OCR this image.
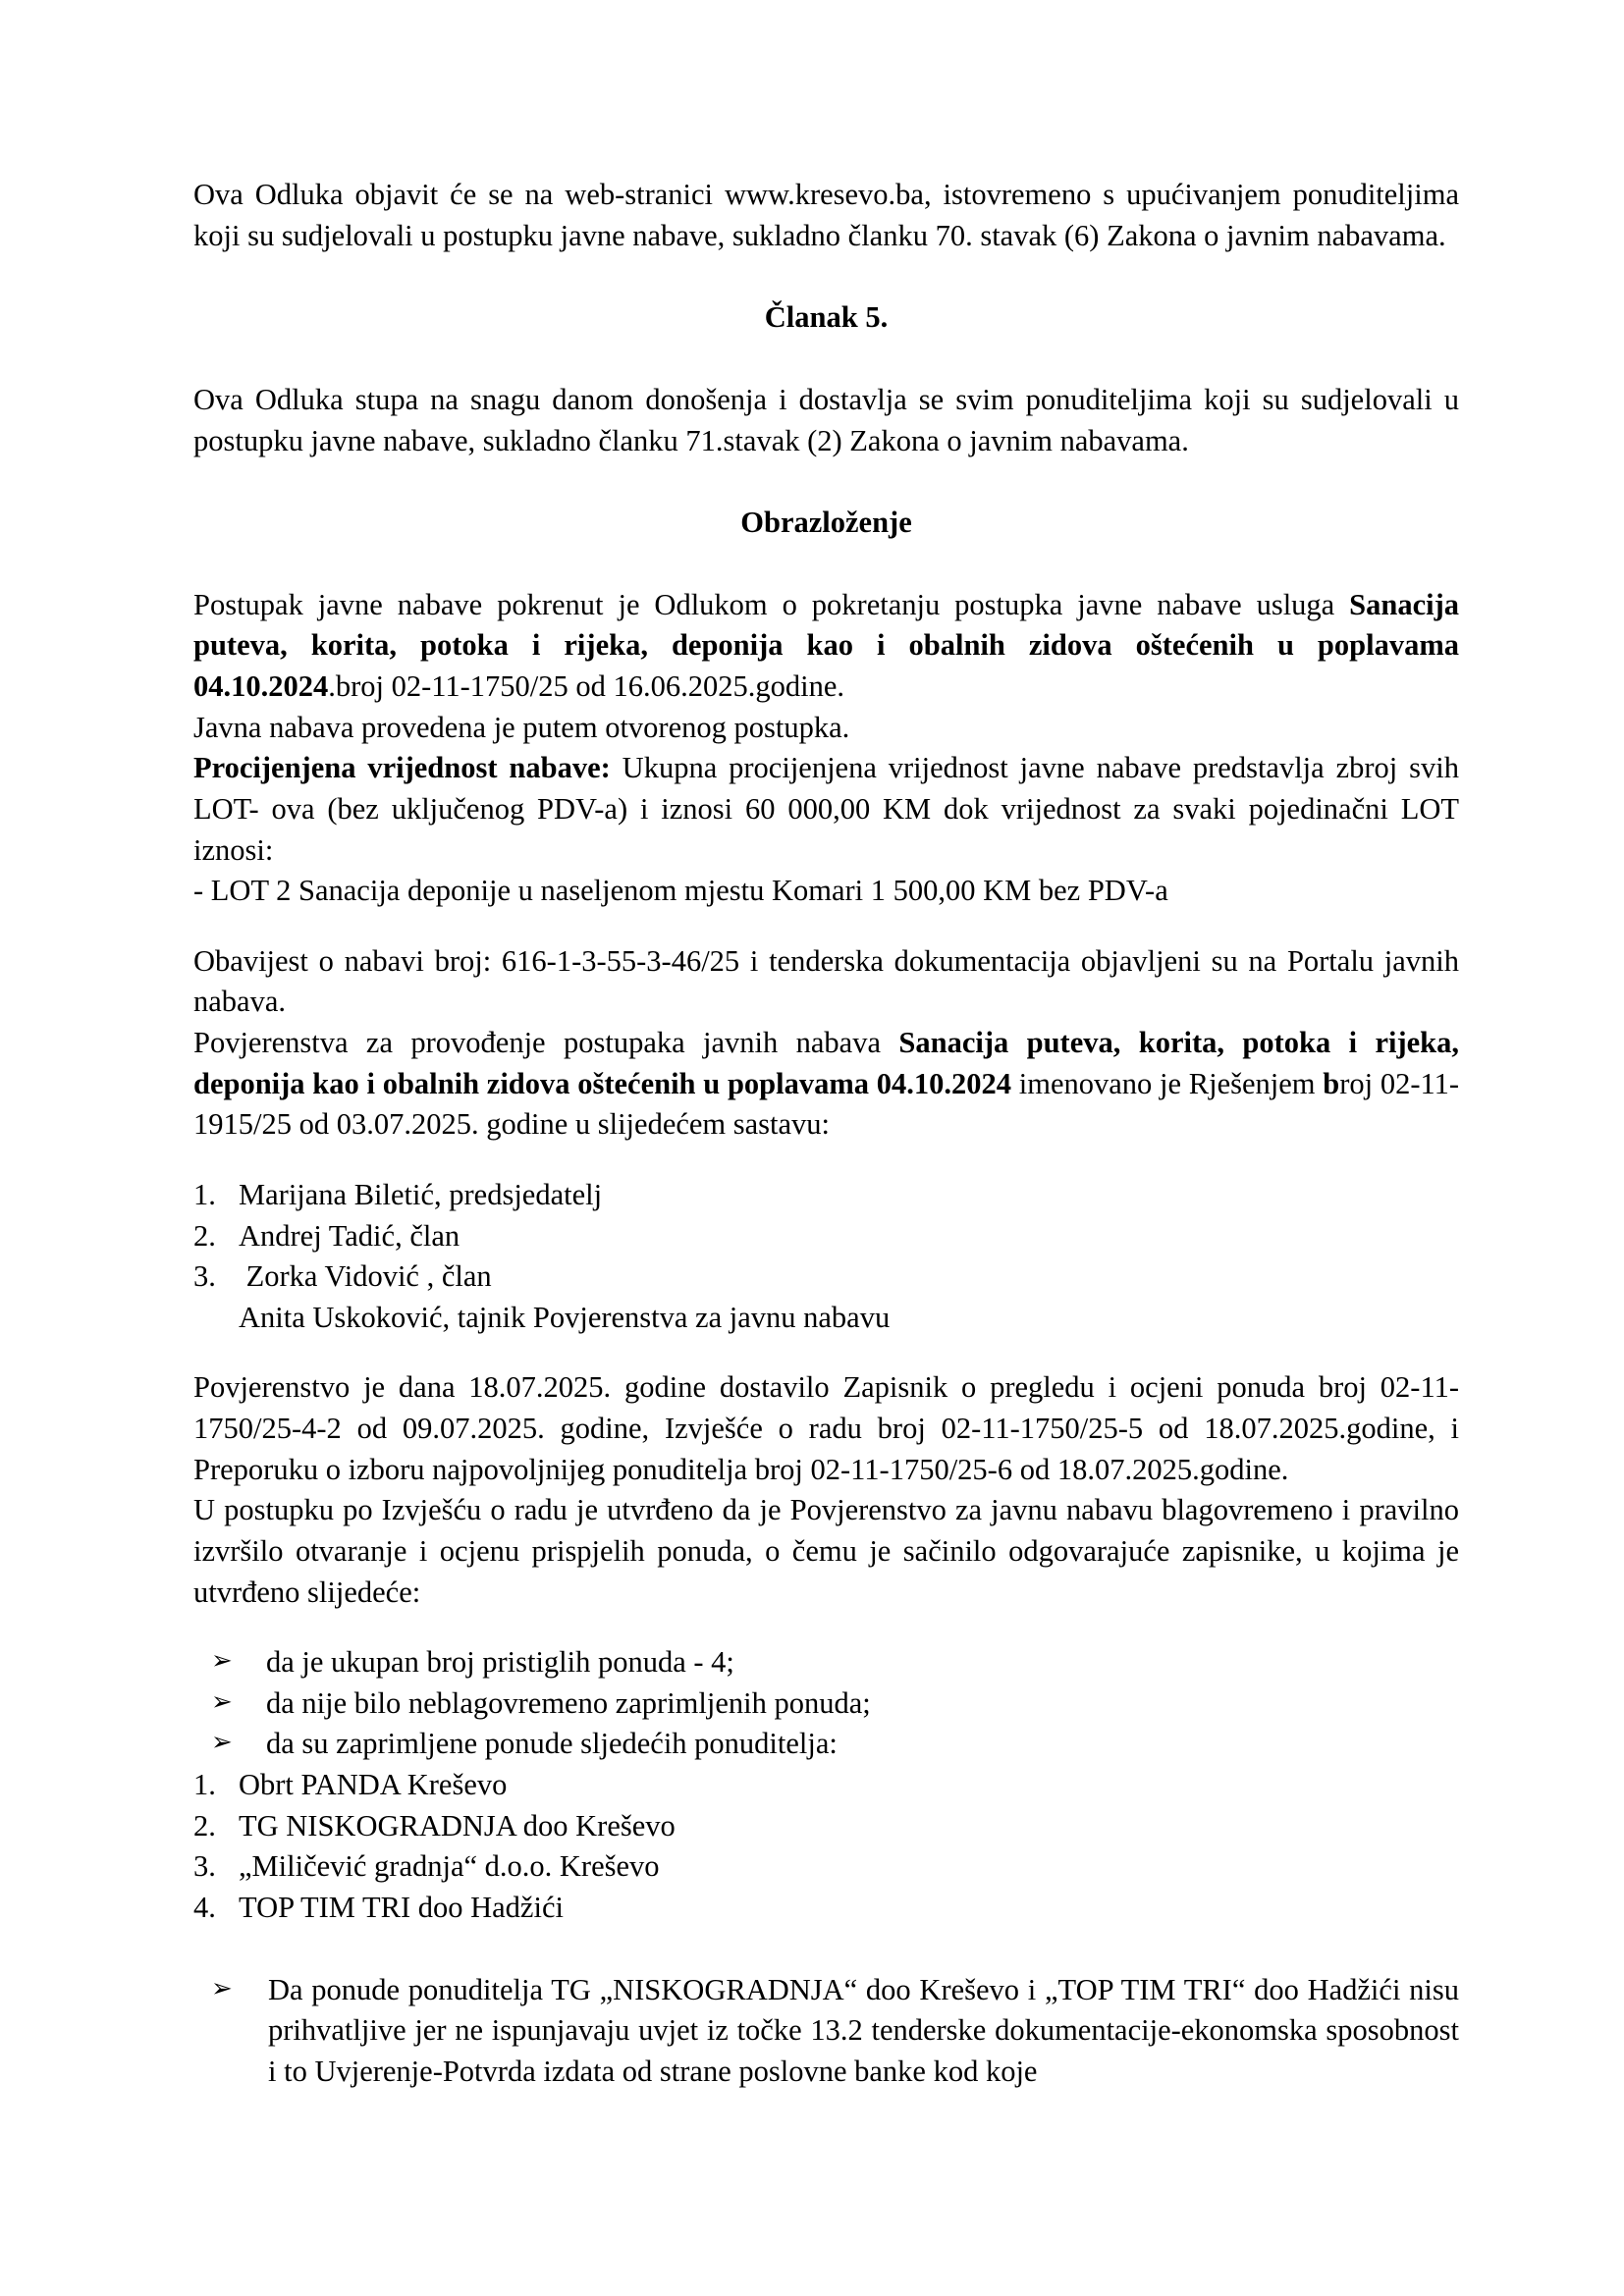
Ova Odluka objavit će se na web-stranici www.kresevo.ba, istovremeno s upućivanjem ponuditeljima koji su sudjelovali u postupku javne nabave, sukladno članku 70. stavak (6) Zakona o javnim nabavama.

Članak 5.

Ova Odluka stupa na snagu danom donošenja i dostavlja se svim ponuditeljima koji su sudjelovali u postupku javne nabave, sukladno članku 71.stavak (2) Zakona o javnim nabavama.

Obrazloženje

Postupak javne nabave pokrenut je Odlukom o pokretanju postupka javne nabave usluga Sanacija puteva, korita, potoka i rijeka, deponija kao i obalnih zidova oštećenih u poplavama 04.10.2024.broj 02-11-1750/25 od 16.06.2025.godine.

Javna nabava provedena je putem otvorenog postupka.

Procijenjena vrijednost nabave: Ukupna procijenjena vrijednost javne nabave predstavlja zbroj svih LOT- ova (bez uključenog PDV-a) i iznosi 60 000,00 KM dok vrijednost za svaki pojedinačni LOT iznosi:

- LOT 2 Sanacija deponije u naseljenom mjestu Komari 1 500,00 KM bez PDV-a

Obavijest o nabavi broj: 616-1-3-55-3-46/25 i tenderska dokumentacija objavljeni su na Portalu javnih nabava.

Povjerenstva za provođenje postupaka javnih nabava Sanacija puteva, korita, potoka i rijeka, deponija kao i obalnih zidova oštećenih u poplavama 04.10.2024 imenovano je Rješenjem broj 02-11-1915/25 od 03.07.2025. godine u slijedećem sastavu:

1. Marijana Biletić, predsjedatelj
2. Andrej Tadić, član
3. Zorka Vidović , član
Anita Uskoković, tajnik Povjerenstva za javnu nabavu

Povjerenstvo je dana 18.07.2025. godine dostavilo Zapisnik o pregledu i ocjeni ponuda broj 02-11-1750/25-4-2 od 09.07.2025. godine, Izvješće o radu broj 02-11-1750/25-5 od 18.07.2025.godine, i Preporuku o izboru najpovoljnijeg ponuditelja broj 02-11-1750/25-6 od 18.07.2025.godine.

U postupku po Izvješću o radu je utvrđeno da je Povjerenstvo za javnu nabavu blagovremeno i pravilno izvršilo otvaranje i ocjenu prispjelih ponuda, o čemu je sačinilo odgovarajuće zapisnike, u kojima je utvrđeno slijedeće:

➢ da je ukupan broj pristiglih ponuda - 4;
➢ da nije bilo neblagovremeno zaprimljenih ponuda;
➢ da su zaprimljene ponude sljedećih ponuditelja:
1. Obrt PANDA Kreševo
2. TG NISKOGRADNJA doo Kreševo
3. „Miličević gradnja“ d.o.o. Kreševo
4. TOP TIM TRI doo Hadžići
➢ Da ponude ponuditelja TG „NISKOGRADNJA“ doo Kreševo i „TOP TIM TRI“ doo Hadžići nisu prihvatljive jer ne ispunjavaju uvjet iz točke 13.2 tenderske dokumentacije-ekonomska sposobnost i to Uvjerenje-Potvrda izdata od strane poslovne banke kod koje
